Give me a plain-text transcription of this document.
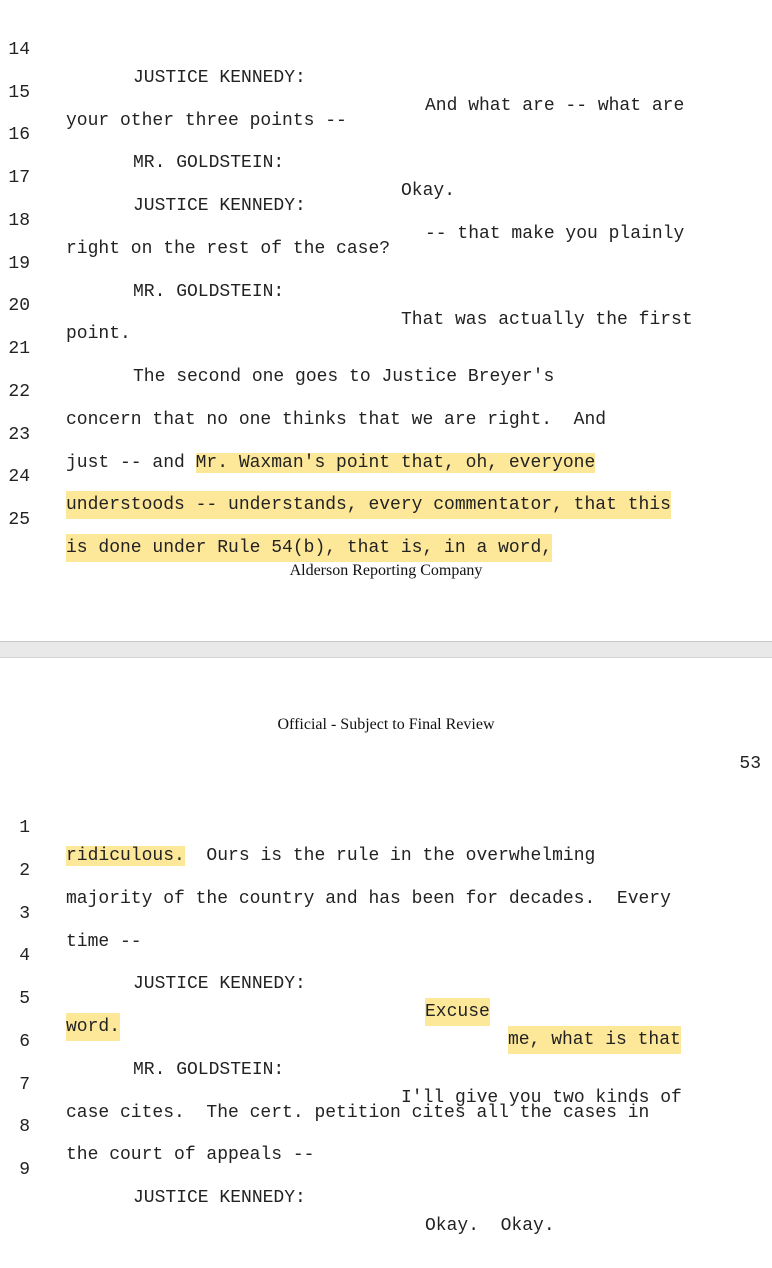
14

JUSTICE KENNEDY:

And what are -- what are

15

your other three points --

16

MR. GOLDSTEIN:

Okay.

17

JUSTICE KENNEDY:

-- that make you plainly

18

right on the rest of the case?

19

MR. GOLDSTEIN:

That was actually the first

20

point.

21

The second one goes to Justice Breyer's

22

concern that no one thinks that we are right.  And

23

just -- and Mr. Waxman's point that, oh, everyone

24

understoods -- understands, every commentator, that this

25

is done under Rule 54(b), that is, in a word,

Alderson Reporting Company
Official - Subject to Final Review
53

1

ridiculous.  Ours is the rule in the overwhelming

2

majority of the country and has been for decades.  Every

3

time --

4

JUSTICE KENNEDY:

Excuse

me, what is that

5

word.

6

MR. GOLDSTEIN:

I'll give you two kinds of

7

case cites.  The cert. petition cites all the cases in

8

the court of appeals --

9

JUSTICE KENNEDY:

Okay.  Okay.
